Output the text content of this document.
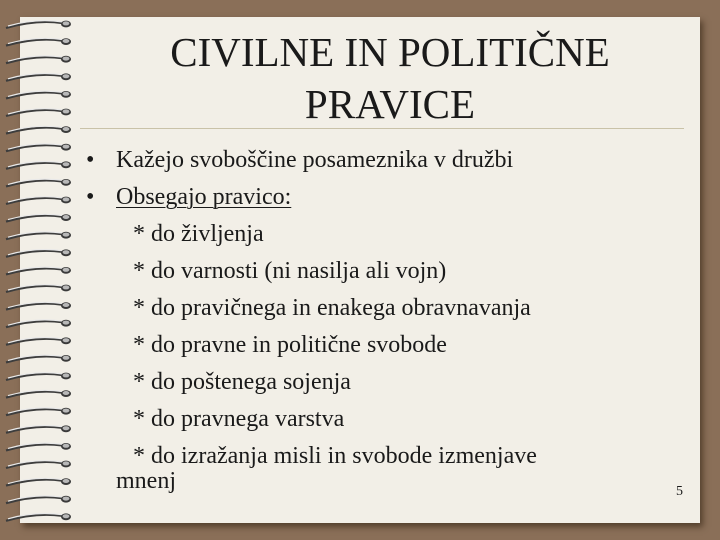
CIVILNE IN POLITIČNE
PRAVICE
• Kažejo svoboščine posameznika v družbi
• Obsegajo pravico:
* do življenja
* do varnosti (ni nasilja ali vojn)
* do pravičnega in enakega obravnavanja
* do pravne in politične svobode
* do poštenega sojenja
* do pravnega varstva
* do izražanja misli in svobode izmenjave
mnenj	5
